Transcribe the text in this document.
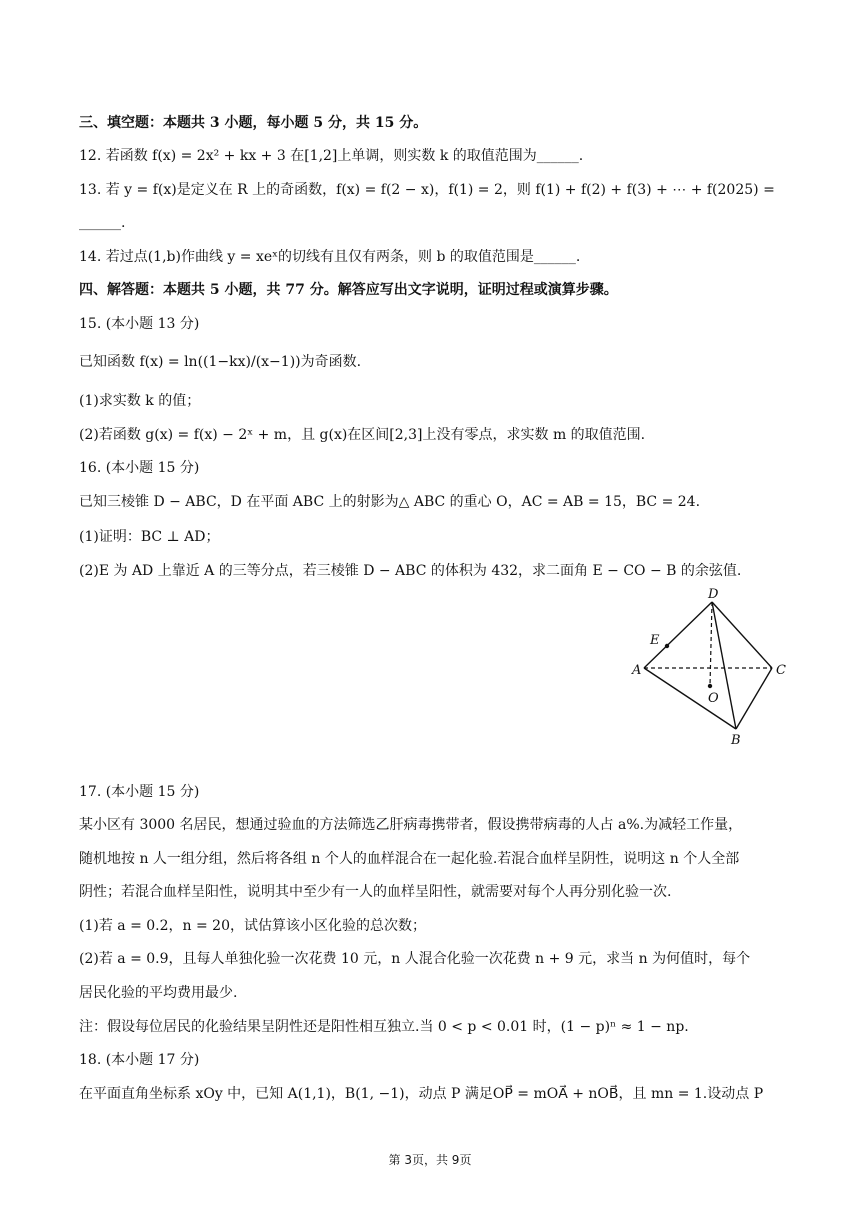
三、填空题：本题共 3 小题，每小题 5 分，共 15 分。
12. 若函数 f(x) = 2x² + kx + 3 在[1,2]上单调，则实数 k 的取值范围为______.
13. 若 y = f(x)是定义在 R 上的奇函数，f(x) = f(2 − x)，f(1) = 2，则 f(1) + f(2) + f(3) + ⋯ + f(2025) =
______.
14. 若过点(1,b)作曲线 y = xeˣ的切线有且仅有两条，则 b 的取值范围是______.
四、解答题：本题共 5 小题，共 77 分。解答应写出文字说明，证明过程或演算步骤。
15. (本小题 13 分)
已知函数 f(x) = ln((1−kx)/(x−1))为奇函数.
(1)求实数 k 的值；
(2)若函数 g(x) = f(x) − 2ˣ + m，且 g(x)在区间[2,3]上没有零点，求实数 m 的取值范围.
16. (本小题 15 分)
已知三棱锥 D − ABC，D 在平面 ABC 上的射影为△ ABC 的重心 O，AC = AB = 15，BC = 24.
(1)证明：BC ⊥ AD；
(2)E 为 AD 上靠近 A 的三等分点，若三棱锥 D − ABC 的体积为 432，求二面角 E − CO − B 的余弦值.
D
E
A
O
C
B
17. (本小题 15 分)
某小区有 3000 名居民，想通过验血的方法筛选乙肝病毒携带者，假设携带病毒的人占 a%.为减轻工作量，
随机地按 n 人一组分组，然后将各组 n 个人的血样混合在一起化验.若混合血样呈阴性，说明这 n 个人全部
阴性；若混合血样呈阳性，说明其中至少有一人的血样呈阳性，就需要对每个人再分别化验一次.
(1)若 a = 0.2，n = 20，试估算该小区化验的总次数；
(2)若 a = 0.9，且每人单独化验一次花费 10 元，n 人混合化验一次花费 n + 9 元，求当 n 为何值时，每个
居民化验的平均费用最少.
注：假设每位居民的化验结果呈阴性还是阳性相互独立.当 0 < p < 0.01 时，(1 − p)ⁿ ≈ 1 − np.
18. (本小题 17 分)
在平面直角坐标系 xOy 中，已知 A(1,1)，B(1, −1)，动点 P 满足OP⃗ = mOA⃗ + nOB⃗，且 mn = 1.设动点 P
第 3页，共 9页
